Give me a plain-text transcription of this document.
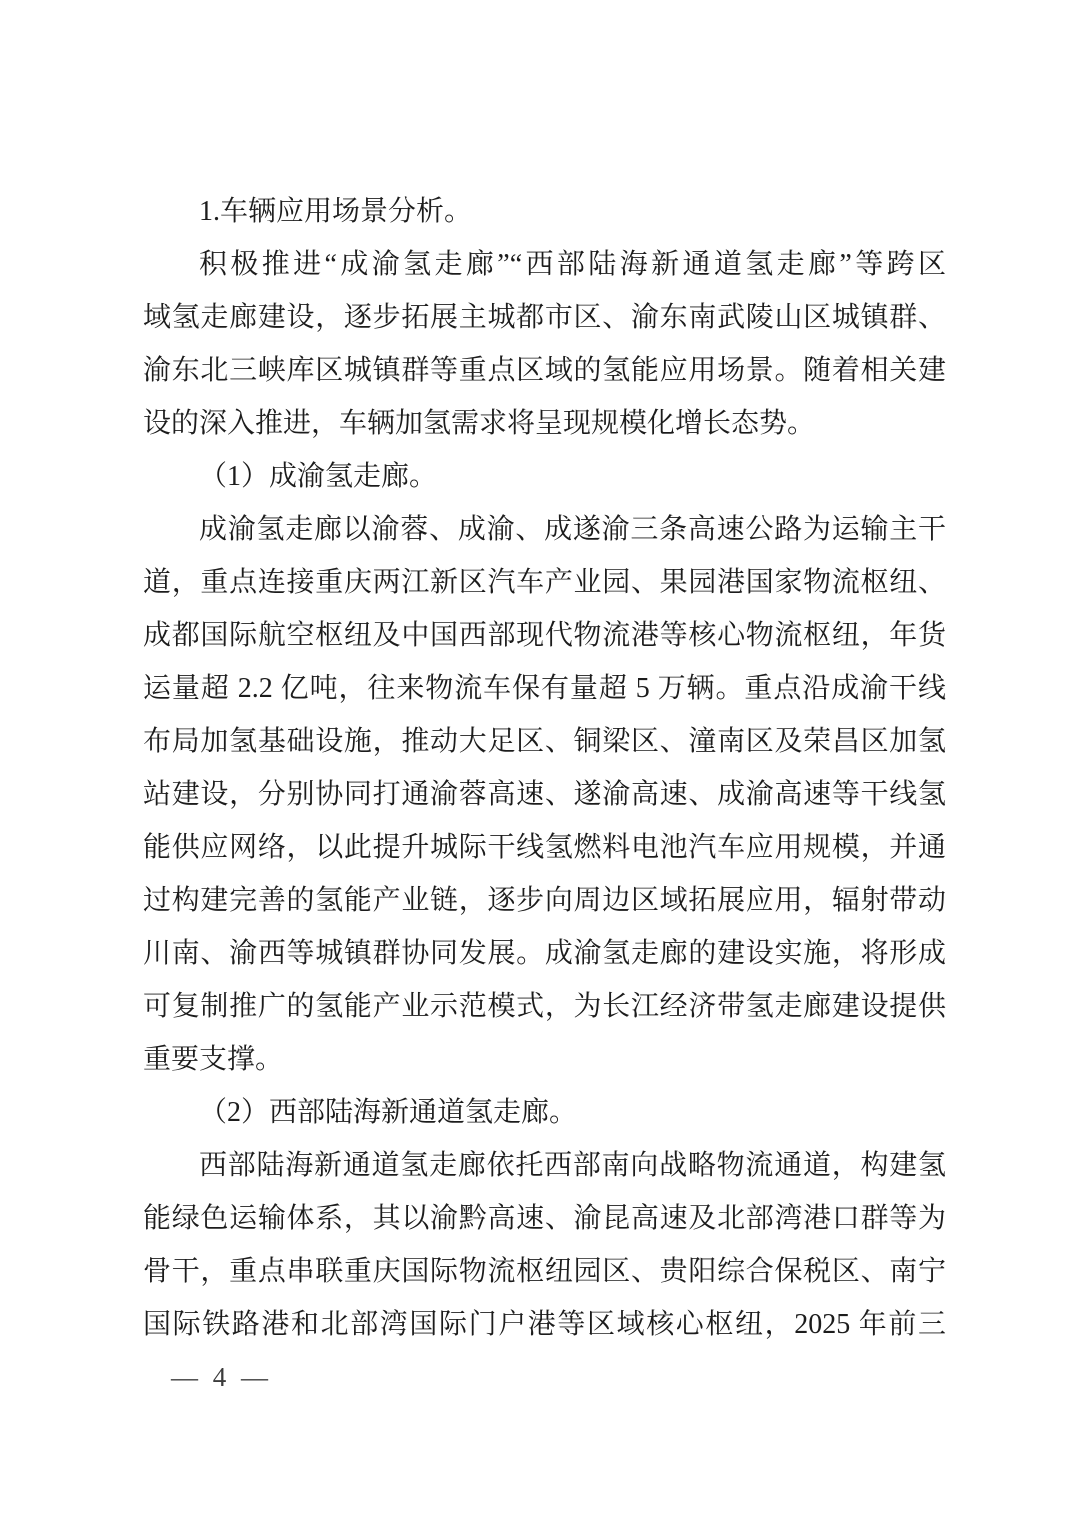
1.车辆应用场景分析。
积极推进“成渝氢走廊”“西部陆海新通道氢走廊”等跨区
域氢走廊建设，逐步拓展主城都市区、渝东南武陵山区城镇群、
渝东北三峡库区城镇群等重点区域的氢能应用场景。随着相关建
设的深入推进，车辆加氢需求将呈现规模化增长态势。
（1）成渝氢走廊。
成渝氢走廊以渝蓉、成渝、成遂渝三条高速公路为运输主干
道，重点连接重庆两江新区汽车产业园、果园港国家物流枢纽、
成都国际航空枢纽及中国西部现代物流港等核心物流枢纽，年货
运量超 2.2 亿吨，往来物流车保有量超 5 万辆。重点沿成渝干线
布局加氢基础设施，推动大足区、铜梁区、潼南区及荣昌区加氢
站建设，分别协同打通渝蓉高速、遂渝高速、成渝高速等干线氢
能供应网络，以此提升城际干线氢燃料电池汽车应用规模，并通
过构建完善的氢能产业链，逐步向周边区域拓展应用，辐射带动
川南、渝西等城镇群协同发展。成渝氢走廊的建设实施，将形成
可复制推广的氢能产业示范模式，为长江经济带氢走廊建设提供
重要支撑。
（2）西部陆海新通道氢走廊。
西部陆海新通道氢走廊依托西部南向战略物流通道，构建氢
能绿色运输体系，其以渝黔高速、渝昆高速及北部湾港口群等为
骨干，重点串联重庆国际物流枢纽园区、贵阳综合保税区、南宁
国际铁路港和北部湾国际门户港等区域核心枢纽，2025 年前三
— 4 —
